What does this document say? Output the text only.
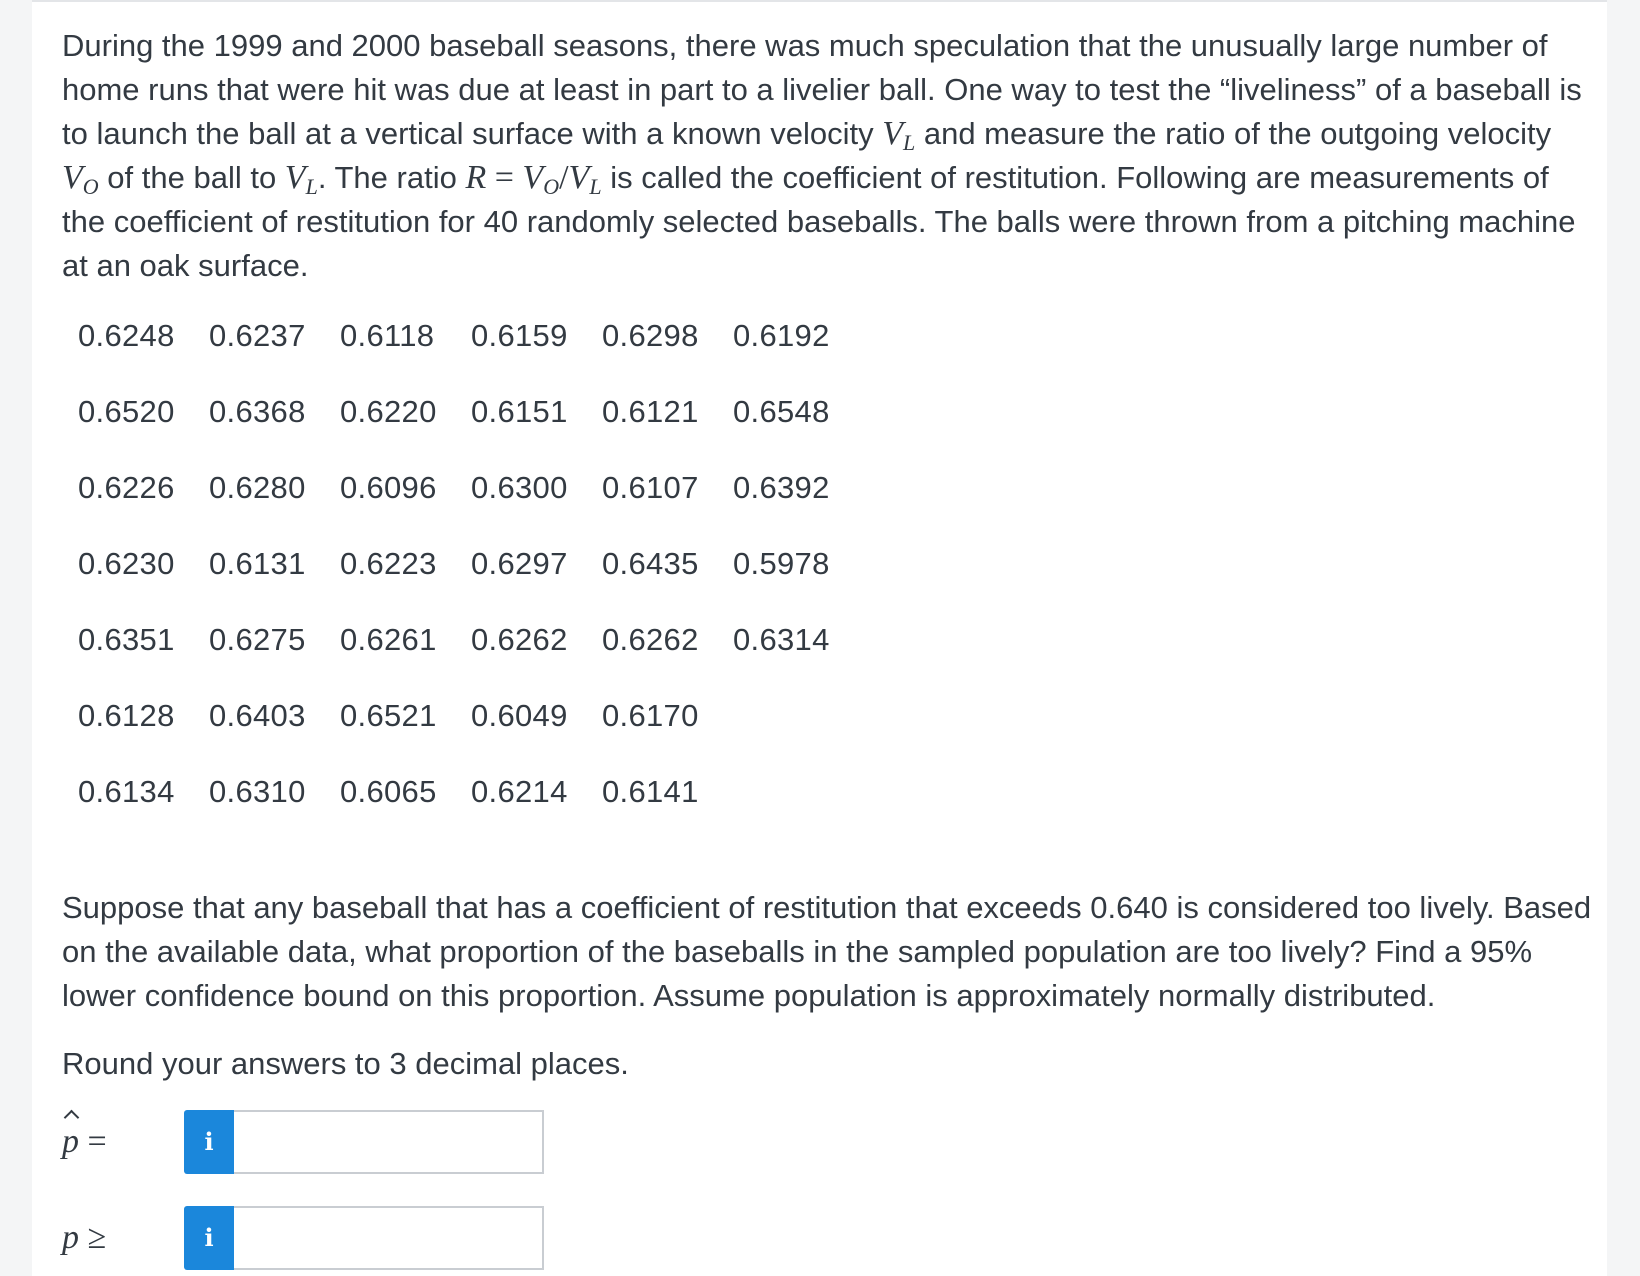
During the 1999 and 2000 baseball seasons, there was much speculation that the unusually large number of home runs that were hit was due at least in part to a livelier ball. One way to test the “liveliness” of a baseball is to launch the ball at a vertical surface with a known velocity $V_L$ and measure the ratio of the outgoing velocity $V_O$ of the ball to $V_L$. The ratio $R = V_O/V_L$ is called the coefficient of restitution. Following are measurements of the coefficient of restitution for 40 randomly selected baseballs. The balls were thrown from a pitching machine at an oak surface.

0.6248 0.6237 0.6118 0.6159 0.6298 0.6192
0.6520 0.6368 0.6220 0.6151 0.6121 0.6548
0.6226 0.6280 0.6096 0.6300 0.6107 0.6392
0.6230 0.6131 0.6223 0.6297 0.6435 0.5978
0.6351 0.6275 0.6261 0.6262 0.6262 0.6314
0.6128 0.6403 0.6521 0.6049 0.6170
0.6134 0.6310 0.6065 0.6214 0.6141

Suppose that any baseball that has a coefficient of restitution that exceeds 0.640 is considered too lively. Based on the available data, what proportion of the baseballs in the sampled population are too lively? Find a 95% lower confidence bound on this proportion. Assume population is approximately normally distributed.

Round your answers to 3 decimal places.

p =	i
p ≥	i
